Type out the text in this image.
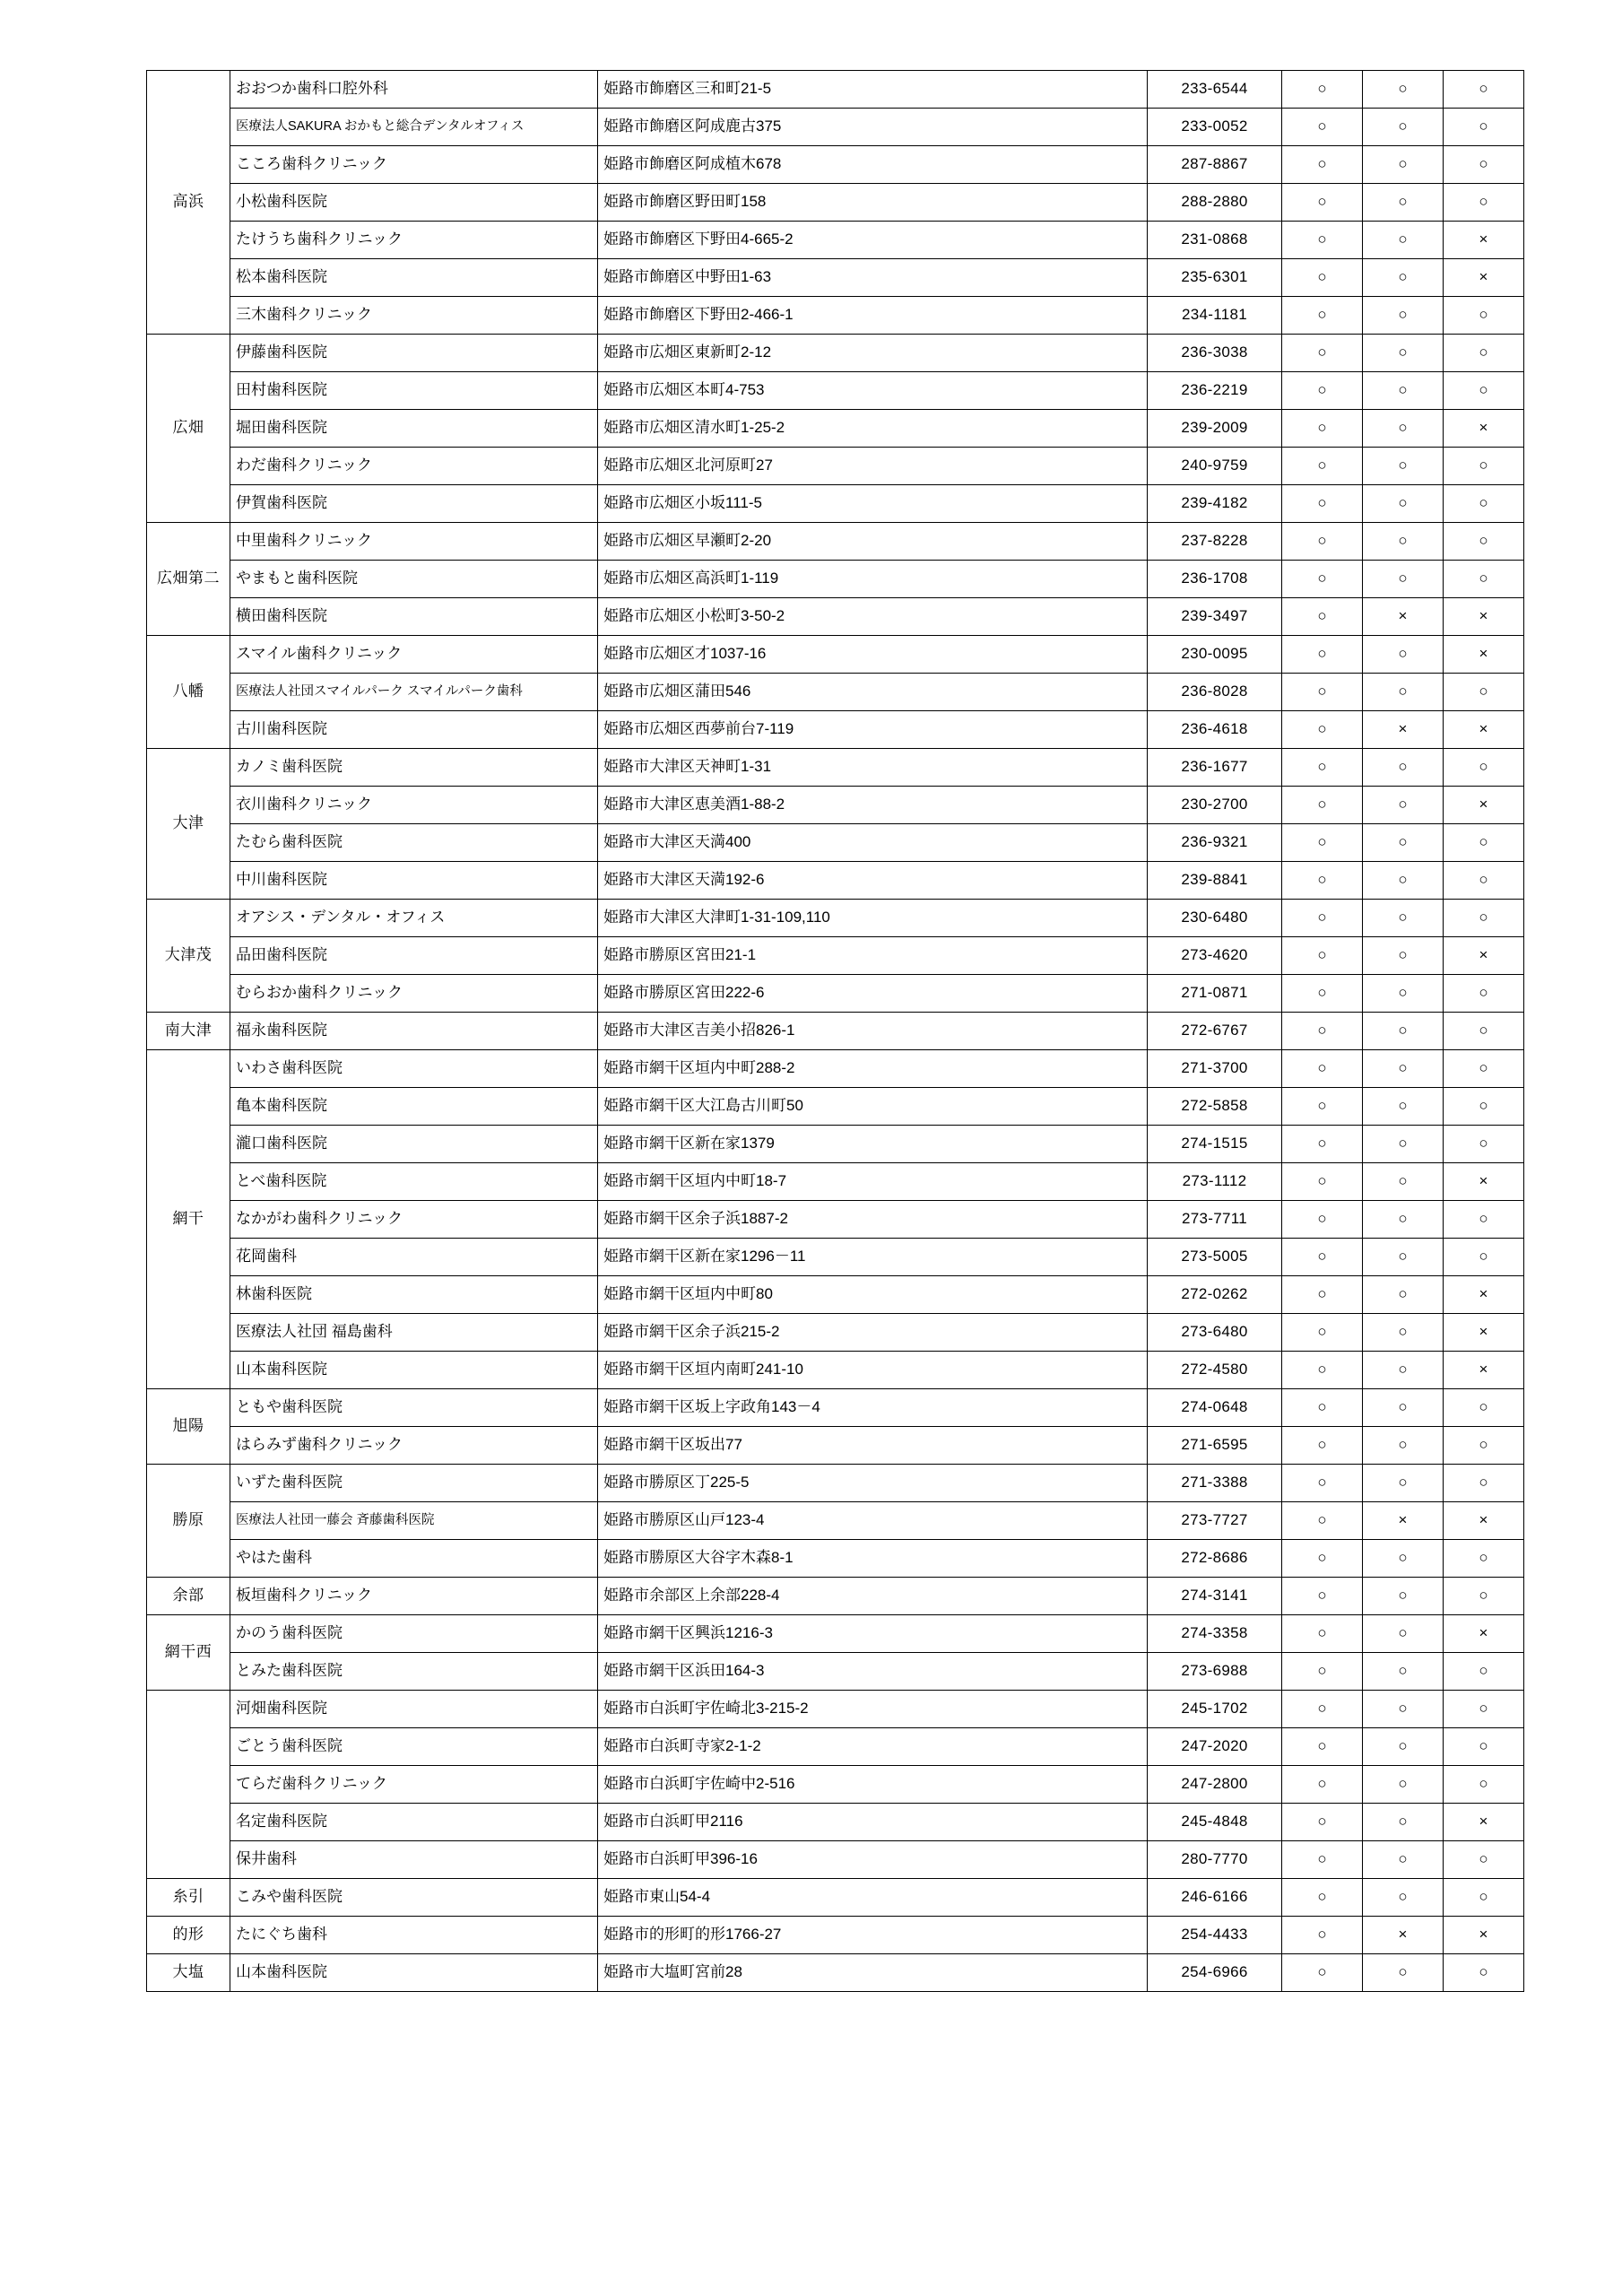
高浜	おおつか歯科口腔外科	姫路市飾磨区三和町21-5	233-6544	○	○	○
	医療法人SAKURA おかもと総合デンタルオフィス	姫路市飾磨区阿成鹿古375	233-0052	○	○	○
	こころ歯科クリニック	姫路市飾磨区阿成植木678	287-8867	○	○	○
	小松歯科医院	姫路市飾磨区野田町158	288-2880	○	○	○
	たけうち歯科クリニック	姫路市飾磨区下野田4-665-2	231-0868	○	○	×
	松本歯科医院	姫路市飾磨区中野田1-63	235-6301	○	○	×
	三木歯科クリニック	姫路市飾磨区下野田2-466-1	234-1181	○	○	○
広畑	伊藤歯科医院	姫路市広畑区東新町2-12	236-3038	○	○	○
	田村歯科医院	姫路市広畑区本町4-753	236-2219	○	○	○
	堀田歯科医院	姫路市広畑区清水町1-25-2	239-2009	○	○	×
	わだ歯科クリニック	姫路市広畑区北河原町27	240-9759	○	○	○
	伊賀歯科医院	姫路市広畑区小坂111-5	239-4182	○	○	○
広畑第二	中里歯科クリニック	姫路市広畑区早瀬町2-20	237-8228	○	○	○
	やまもと歯科医院	姫路市広畑区高浜町1-119	236-1708	○	○	○
	横田歯科医院	姫路市広畑区小松町3-50-2	239-3497	○	×	×
八幡	スマイル歯科クリニック	姫路市広畑区才1037-16	230-0095	○	○	×
	医療法人社団スマイルパーク スマイルパーク歯科	姫路市広畑区蒲田546	236-8028	○	○	○
	古川歯科医院	姫路市広畑区西夢前台7-119	236-4618	○	×	×
大津	カノミ歯科医院	姫路市大津区天神町1-31	236-1677	○	○	○
	衣川歯科クリニック	姫路市大津区恵美酒1-88-2	230-2700	○	○	×
	たむら歯科医院	姫路市大津区天満400	236-9321	○	○	○
	中川歯科医院	姫路市大津区天満192-6	239-8841	○	○	○
大津茂	オアシス・デンタル・オフィス	姫路市大津区大津町1-31-109,110	230-6480	○	○	○
	品田歯科医院	姫路市勝原区宮田21-1	273-4620	○	○	×
	むらおか歯科クリニック	姫路市勝原区宮田222-6	271-0871	○	○	○
南大津	福永歯科医院	姫路市大津区吉美小招826-1	272-6767	○	○	○
網干	いわさ歯科医院	姫路市網干区垣内中町288-2	271-3700	○	○	○
	亀本歯科医院	姫路市網干区大江島古川町50	272-5858	○	○	○
	瀧口歯科医院	姫路市網干区新在家1379	274-1515	○	○	○
	とべ歯科医院	姫路市網干区垣内中町18-7	273-1112	○	○	×
	なかがわ歯科クリニック	姫路市網干区余子浜1887-2	273-7711	○	○	○
	花岡歯科	姫路市網干区新在家1296－11	273-5005	○	○	○
	林歯科医院	姫路市網干区垣内中町80	272-0262	○	○	×
	医療法人社団 福島歯科	姫路市網干区余子浜215-2	273-6480	○	○	×
	山本歯科医院	姫路市網干区垣内南町241-10	272-4580	○	○	×
旭陽	ともや歯科医院	姫路市網干区坂上字政角143－4	274-0648	○	○	○
	はらみず歯科クリニック	姫路市網干区坂出77	271-6595	○	○	○
勝原	いずた歯科医院	姫路市勝原区丁225-5	271-3388	○	○	○
	医療法人社団一藤会 斉藤歯科医院	姫路市勝原区山戸123-4	273-7727	○	×	×
	やはた歯科	姫路市勝原区大谷字木森8-1	272-8686	○	○	○
余部	板垣歯科クリニック	姫路市余部区上余部228-4	274-3141	○	○	○
網干西	かのう歯科医院	姫路市網干区興浜1216-3	274-3358	○	○	×
	とみた歯科医院	姫路市網干区浜田164-3	273-6988	○	○	○
	河畑歯科医院	姫路市白浜町宇佐崎北3-215-2	245-1702	○	○	○
	ごとう歯科医院	姫路市白浜町寺家2-1-2	247-2020	○	○	○
	てらだ歯科クリニック	姫路市白浜町宇佐崎中2-516	247-2800	○	○	○
	名定歯科医院	姫路市白浜町甲2116	245-4848	○	○	×
	保井歯科	姫路市白浜町甲396-16	280-7770	○	○	○
糸引	こみや歯科医院	姫路市東山54-4	246-6166	○	○	○
的形	たにぐち歯科	姫路市的形町的形1766-27	254-4433	○	×	×
大塩	山本歯科医院	姫路市大塩町宮前28	254-6966	○	○	○
